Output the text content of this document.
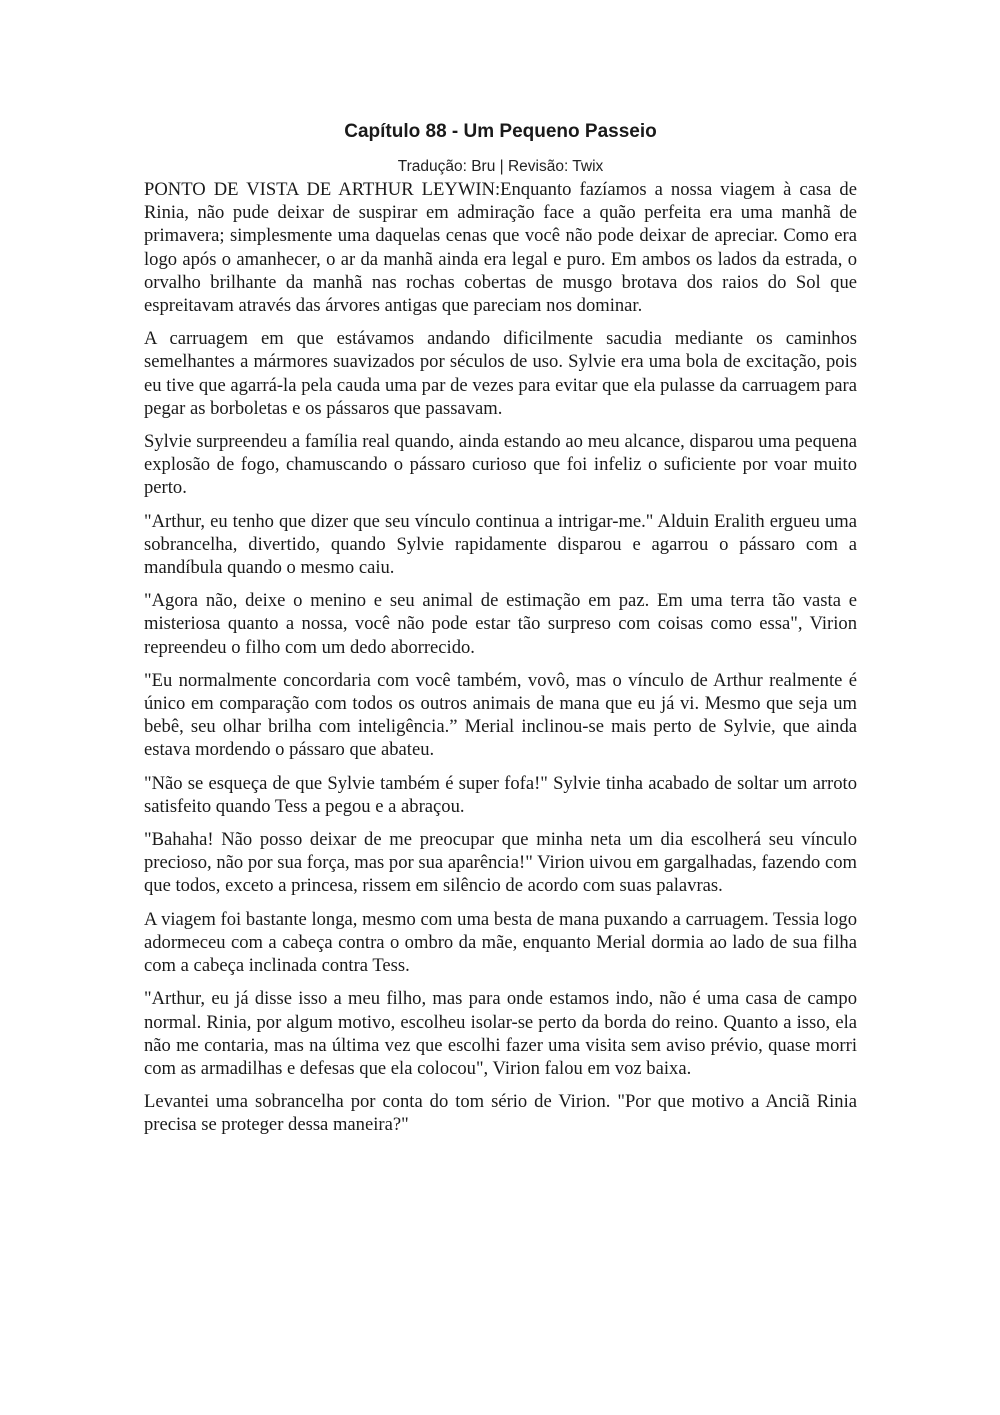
Capítulo 88 - Um Pequeno Passeio
Tradução: Bru | Revisão: Twix

PONTO DE VISTA DE ARTHUR LEYWIN:Enquanto fazíamos a nossa viagem à casa de Rinia, não pude deixar de suspirar em admiração face a quão perfeita era uma manhã de primavera; simplesmente uma daquelas cenas que você não pode deixar de apreciar. Como era logo após o amanhecer, o ar da manhã ainda era legal e puro. Em ambos os lados da estrada, o orvalho brilhante da manhã nas rochas cobertas de musgo brotava dos raios do Sol que espreitavam através das árvores antigas que pareciam nos dominar.

A carruagem em que estávamos andando dificilmente sacudia mediante os caminhos semelhantes a mármores suavizados por séculos de uso. Sylvie era uma bola de excitação, pois eu tive que agarrá-la pela cauda uma par de vezes para evitar que ela pulasse da carruagem para pegar as borboletas e os pássaros que passavam.

Sylvie surpreendeu a família real quando, ainda estando ao meu alcance, disparou uma pequena explosão de fogo, chamuscando o pássaro curioso que foi infeliz o suficiente por voar muito perto.

"Arthur, eu tenho que dizer que seu vínculo continua a intrigar-me." Alduin Eralith ergueu uma sobrancelha, divertido, quando Sylvie rapidamente disparou e agarrou o pássaro com a mandíbula quando o mesmo caiu.

"Agora não, deixe o menino e seu animal de estimação em paz. Em uma terra tão vasta e misteriosa quanto a nossa, você não pode estar tão surpreso com coisas como essa", Virion repreendeu o filho com um dedo aborrecido.

"Eu normalmente concordaria com você também, vovô, mas o vínculo de Arthur realmente é único em comparação com todos os outros animais de mana que eu já vi. Mesmo que seja um bebê, seu olhar brilha com inteligência.” Merial inclinou-se mais perto de Sylvie, que ainda estava mordendo o pássaro que abateu.

"Não se esqueça de que Sylvie também é super fofa!" Sylvie tinha acabado de soltar um arroto satisfeito quando Tess a pegou e a abraçou.

"Bahaha! Não posso deixar de me preocupar que minha neta um dia escolherá seu vínculo precioso, não por sua força, mas por sua aparência!" Virion uivou em gargalhadas, fazendo com que todos, exceto a princesa, rissem em silêncio de acordo com suas palavras.

A viagem foi bastante longa, mesmo com uma besta de mana puxando a carruagem. Tessia logo adormeceu com a cabeça contra o ombro da mãe, enquanto Merial dormia ao lado de sua filha com a cabeça inclinada contra Tess.

"Arthur, eu já disse isso a meu filho, mas para onde estamos indo, não é uma casa de campo normal. Rinia, por algum motivo, escolheu isolar-se perto da borda do reino. Quanto a isso, ela não me contaria, mas na última vez que escolhi fazer uma visita sem aviso prévio, quase morri com as armadilhas e defesas que ela colocou", Virion falou em voz baixa.

Levantei uma sobrancelha por conta do tom sério de Virion. "Por que motivo a Anciã Rinia precisa se proteger dessa maneira?"
